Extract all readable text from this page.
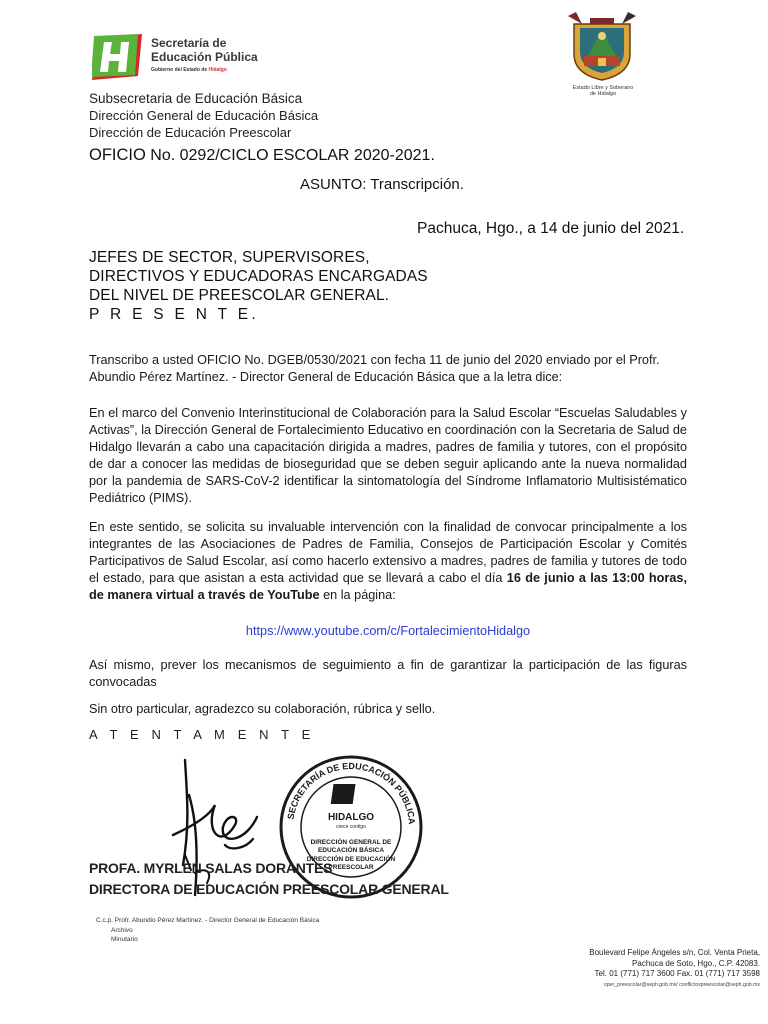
Secretaría de
Educación Pública
Gobierno del Estado de Hidalgo
Estado Libre y Soberano
de Hidalgo
Subsecretaria de Educación Básica
Dirección General de Educación Básica
Dirección de Educación Preescolar
OFICIO No. 0292/CICLO ESCOLAR 2020-2021.
ASUNTO: Transcripción.
Pachuca, Hgo., a 14 de junio del 2021.
JEFES DE SECTOR, SUPERVISORES,
DIRECTIVOS Y EDUCADORAS ENCARGADAS
DEL NIVEL DE PREESCOLAR GENERAL.
P R E S E N T E.
Transcribo a usted OFICIO No. DGEB/0530/2021 con fecha 11 de junio del 2020 enviado por el Profr. Abundio Pérez Martínez. - Director General de Educación Básica que a la letra dice:
En el marco del Convenio Interinstitucional de Colaboración para la Salud Escolar “Escuelas Saludables y Activas”, la Dirección General de Fortalecimiento Educativo en coordinación con la Secretaria de Salud de Hidalgo llevarán a cabo una capacitación dirigida a madres, padres de familia y tutores, con el propósito de dar a conocer las medidas de bioseguridad que se deben seguir aplicando ante la nueva normalidad por la pandemia de SARS-CoV-2 identificar la sintomatología del Síndrome Inflamatorio Multisistématico Pediátrico (PIMS).
En este sentido, se solicita su invaluable intervención con la finalidad de convocar principalmente a los integrantes de las Asociaciones de Padres de Familia, Consejos de Participación Escolar y Comités Participativos de Salud Escolar, así como hacerlo extensivo a madres, padres de familia y tutores de todo el estado, para que asistan a esta actividad que se llevará a cabo el día 16 de junio a las 13:00 horas, de manera virtual a través de YouTube en la página:
https://www.youtube.com/c/FortalecimientoHidalgo
Así mismo, prever los mecanismos de seguimiento a fin de garantizar la participación de las figuras convocadas
Sin otro particular, agradezco su colaboración, rúbrica y sello.
A T E N T A M E N T E
SECRETARÍA DE EDUCACIÓN PÚBLICA
HIDALGO
crece contigo
DIRECCIÓN GENERAL DE
EDUCACIÓN BÁSICA
DIRECCIÓN DE EDUCACIÓN
PREESCOLAR
PROFA. MYRLEN SALAS DORANTES
DIRECTORA DE EDUCACIÓN PREESCOLAR GENERAL
C.c.p. Profr. Abundio Pérez Martínez. - Director General de Educación Básica
Archivo
Minutario
Boulevard Felipe Ángeles s/n, Col. Venta Prieta,
Pachuca de Soto, Hgo., C.P. 42083.
Tel. 01 (771) 717 3600 Fax. 01 (771) 717 3598
oper_preescolar@seph.gob.mx/ conflictospreescolar@seph.gob.mx
